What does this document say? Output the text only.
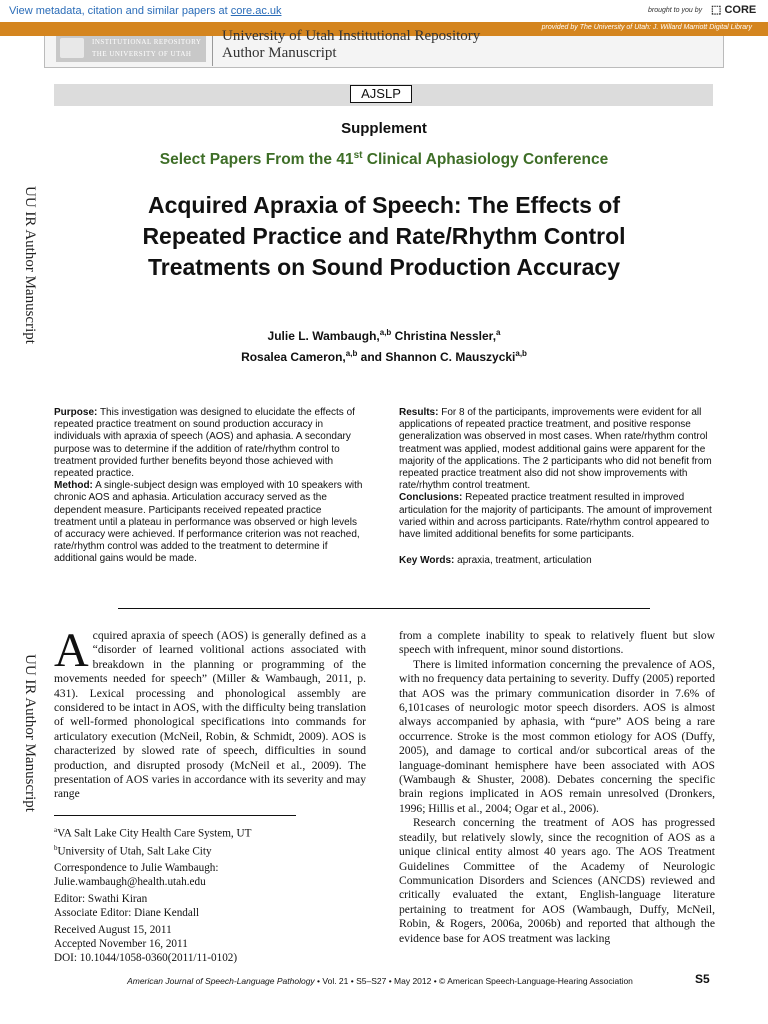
View metadata, citation and similar papers at core.ac.uk	brought to you by ⬚ CORE
provided by The University of Utah: J. Willard Marriott Digital Library
INSTITUTIONAL REPOSITORY
THE UNIVERSITY OF UTAH
University of Utah Institutional Repository
Author Manuscript
AJSLP
Supplement
Select Papers From the 41st Clinical Aphasiology Conference
Acquired Apraxia of Speech: The Effects of Repeated Practice and Rate/Rhythm Control Treatments on Sound Production Accuracy
Julie L. Wambaugh,$^{a,b}$ Christina Nessler,$^a$
Rosalea Cameron,$^{a,b}$ and Shannon C. Mauszycki$^{a,b}$
UU IR Author Manuscript
UU IR Author Manuscript

Purpose: This investigation was designed to elucidate the effects of repeated practice treatment on sound production accuracy in individuals with apraxia of speech (AOS) and aphasia. A secondary purpose was to determine if the addition of rate/rhythm control to treatment provided further benefits beyond those achieved with repeated practice.

Method: A single-subject design was employed with 10 speakers with chronic AOS and aphasia. Articulation accuracy served as the dependent measure. Participants received repeated practice treatment until a plateau in performance was observed or high levels of accuracy were achieved. If performance criterion was not reached, rate/rhythm control was added to the treatment to determine if additional gains would be made.

Results: For 8 of the participants, improvements were evident for all applications of repeated practice treatment, and positive response generalization was observed in most cases. When rate/rhythm control treatment was applied, modest additional gains were apparent for the majority of the applications. The 2 participants who did not benefit from repeated practice treatment also did not show improvements with rate/rhythm control treatment.

Conclusions: Repeated practice treatment resulted in improved articulation for the majority of participants. The amount of improvement varied within and across participants. Rate/rhythm control appeared to have limited additional benefits for some participants.

Key Words: apraxia, treatment, articulation

Acquired apraxia of speech (AOS) is generally defined as a “disorder of learned volitional actions associated with breakdown in the planning or programming of the movements needed for speech” (Miller & Wambaugh, 2011, p. 431). Lexical processing and phonological assembly are considered to be intact in AOS, with the difficulty being translation of well-formed phonological specifications into commands for articulatory execution (McNeil, Robin, & Schmidt, 2009). AOS is characterized by slowed rate of speech, difficulties in sound production, and disrupted prosody (McNeil et al., 2009). The presentation of AOS varies in accordance with its severity and may range

from a complete inability to speak to relatively fluent but slow speech with infrequent, minor sound distortions.

There is limited information concerning the prevalence of AOS, with no frequency data pertaining to severity. Duffy (2005) reported that AOS was the primary communication disorder in 7.6% of 6,101cases of neurologic motor speech disorders. AOS is almost always accompanied by aphasia, with “pure” AOS being a rare occurrence. Stroke is the most common etiology for AOS (Duffy, 2005), and damage to cortical and/or subcortical areas of the language-dominant hemisphere have been associated with AOS (Wambaugh & Shuster, 2008). Debates concerning the specific brain regions implicated in AOS remain unresolved (Dronkers, 1996; Hillis et al., 2004; Ogar et al., 2006).

Research concerning the treatment of AOS has progressed steadily, but relatively slowly, since the recognition of AOS as a unique clinical entity almost 40 years ago. The AOS Treatment Guidelines Committee of the Academy of Neurologic Communication Disorders and Sciences (ANCDS) reviewed and critically evaluated the extant, English-language literature pertaining to treatment for AOS (Wambaugh, Duffy, McNeil, Robin, & Rogers, 2006a, 2006b) and reported that although the evidence base for AOS treatment was lacking

$^a$VA Salt Lake City Health Care System, UT

$^b$University of Utah, Salt Lake City

Correspondence to Julie Wambaugh:

Julie.wambaugh@health.utah.edu

Editor: Swathi Kiran

Associate Editor: Diane Kendall

Received August 15, 2011

Accepted November 16, 2011

DOI: 10.1044/1058-0360(2011/11-0102)

American Journal of Speech-Language Pathology • Vol. 21 • S5–S27 • May 2012 • © American Speech-Language-Hearing Association	S5
